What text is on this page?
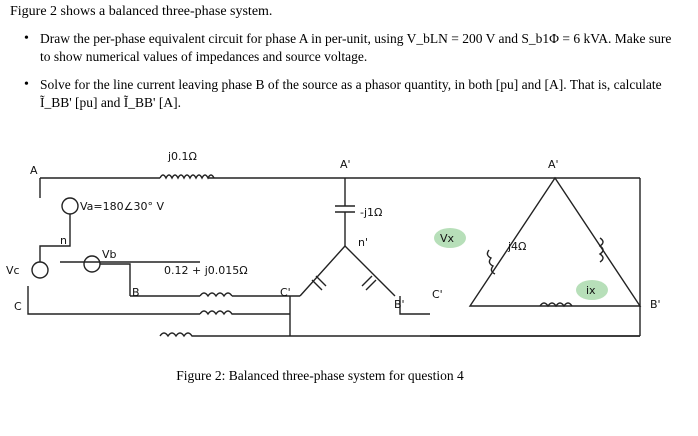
Figure 2 shows a balanced three-phase system.
• Draw the per-phase equivalent circuit for phase A in per-unit, using V_bLN = 200 V and S_b1Φ = 6 kVA. Make sure to show numerical values of impedances and source voltage.
• Solve for the line current leaving phase B of the source as a phasor quantity, in both [pu] and [A]. That is, calculate Ĩ_BB' [pu] and Ĩ_BB' [A].
j0.1Ω
Va=180∠30° V
Vc
Vb
A
n
B
C
A'
n'
B'
C'
-j1Ω
0.12 + j0.015Ω
A'
B'
C'
j4Ω
Vx
ix
Figure 2: Balanced three-phase system for question 4
